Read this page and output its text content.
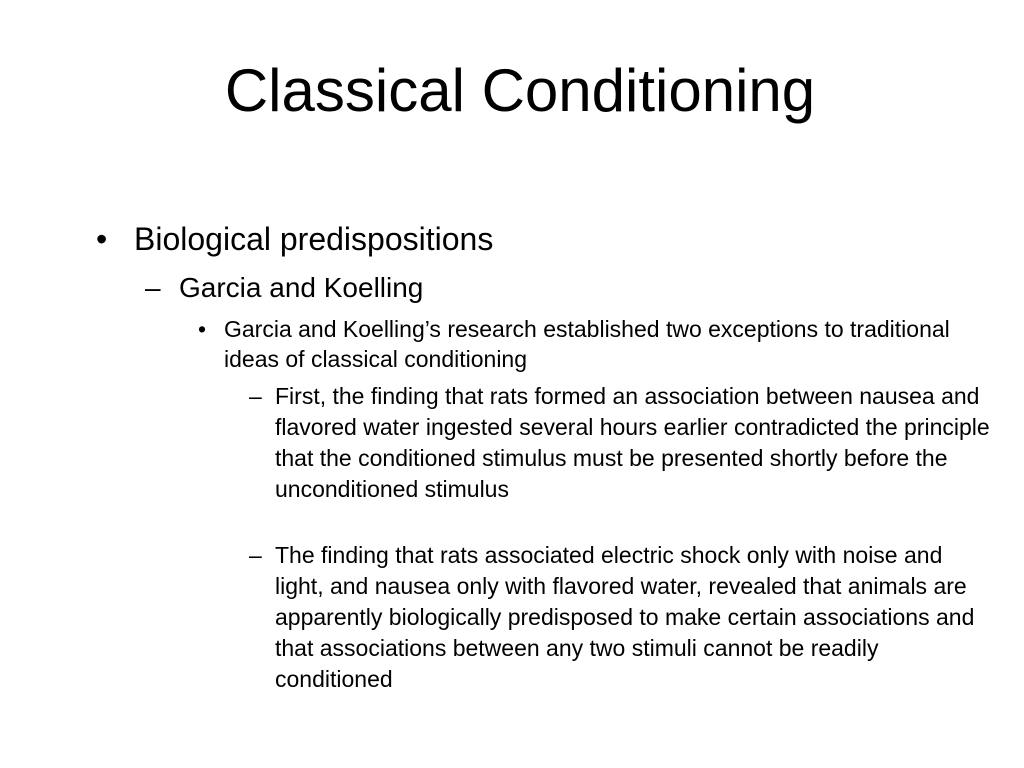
Classical Conditioning
• Biological predispositions
– Garcia and Koelling
• Garcia and Koelling’s research established two exceptions to traditional ideas of classical conditioning
– First, the finding that rats formed an association between nausea and flavored water ingested several hours earlier contradicted the principle that the conditioned stimulus must be presented shortly before the unconditioned stimulus
– The finding that rats associated electric shock only with noise and light, and nausea only with flavored water, revealed that animals are apparently biologically predisposed to make certain associations and that associations between any two stimuli cannot be readily conditioned
